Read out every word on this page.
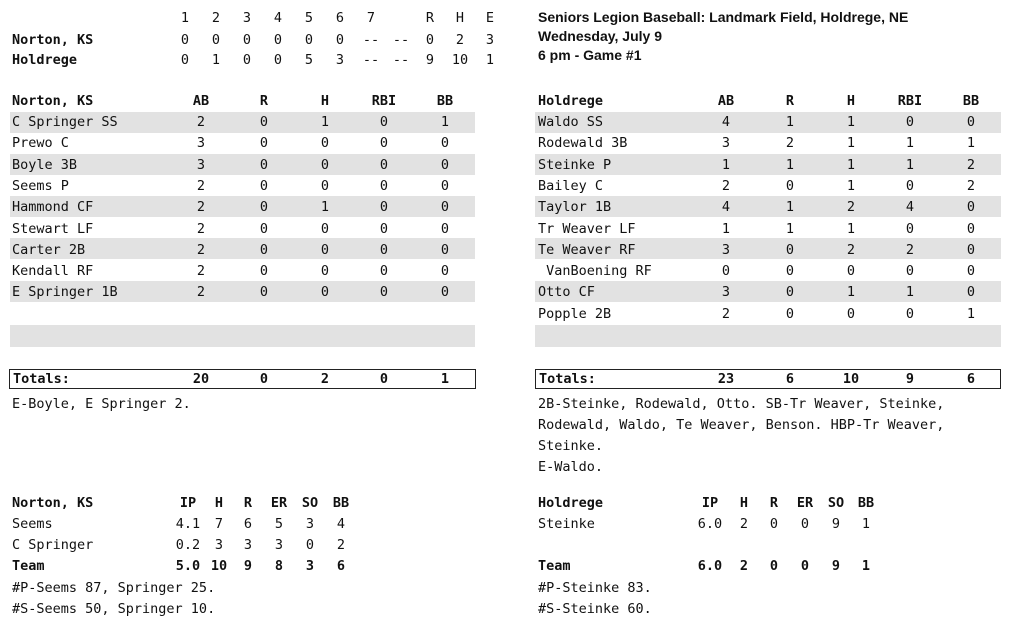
1 2 3 4 5 6 7	R H E
Norton, KS	0 0 0 0 0 0 -- -- 0 2 3
Holdrege	0 1 0 0 5 3 -- -- 9 10 1
Seniors Legion Baseball: Landmark Field, Holdrege, NE
Wednesday, July 9
6 pm - Game #1
Norton, KS	AB	R	H	RBI	BB
C Springer SS	2	0	1	0	1
Prewo C	3	0	0	0	0
Boyle 3B	3	0	0	0	0
Seems P	2	0	0	0	0
Hammond CF	2	0	1	0	0
Stewart LF	2	0	0	0	0
Carter 2B	2	0	0	0	0
Kendall RF	2	0	0	0	0
E Springer 1B	2	0	0	0	0
Totals:	20	0	2	0	1
E-Boyle, E Springer 2.
Holdrege	AB	R	H	RBI	BB
Waldo SS	4	1	1	0	0
Rodewald 3B	3	2	1	1	1
Steinke P	1	1	1	1	2
Bailey C	2	0	1	0	2
Taylor 1B	4	1	2	4	0
Tr Weaver LF	1	1	1	0	0
Te Weaver RF	3	0	2	2	0
VanBoening RF	0	0	0	0	0
Otto CF	3	0	1	1	0
Popple 2B	2	0	0	0	1
Totals:	23	6	10	9	6
2B-Steinke, Rodewald, Otto. SB-Tr Weaver, Steinke,
Rodewald, Waldo, Te Weaver, Benson. HBP-Tr Weaver,
Steinke.
E-Waldo.
Norton, KS	IP	H	R	ER	SO	BB
Seems	4.1	7	6	5	3	4
C Springer	0.2	3	3	3	0	2
Team	5.0 10	9	8	3	6
#P-Seems 87, Springer 25.
#S-Seems 50, Springer 10.
Holdrege	IP	H	R	ER	SO	BB
Steinke	6.0	2	0	0	9	1
Team	6.0	2	0	0	9	1
#P-Steinke 83.
#S-Steinke 60.
